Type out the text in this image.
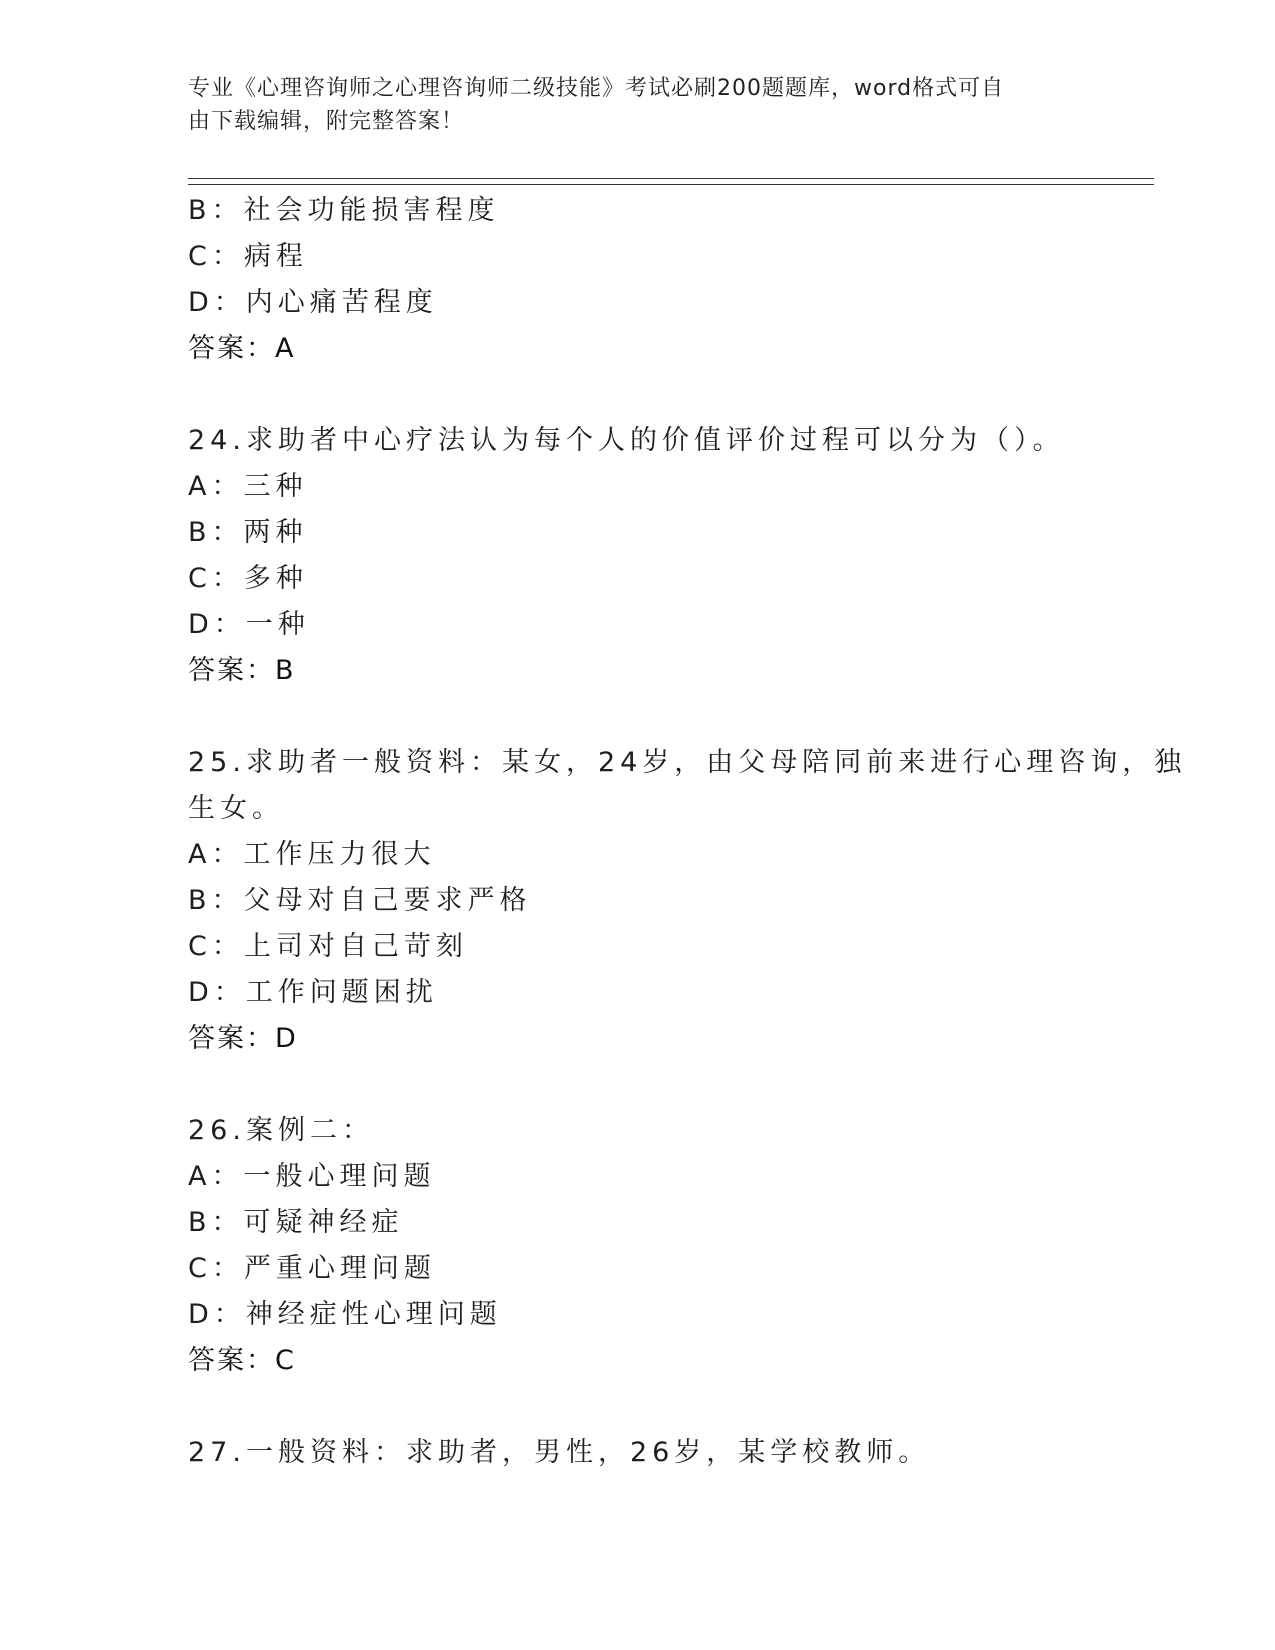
专业《心理咨询师之心理咨询师二级技能》考试必刷200题题库，word格式可自
由下载编辑，附完整答案！
B：社会功能损害程度
C：病程
D：内心痛苦程度
答案：A
24.求助者中心疗法认为每个人的价值评价过程可以分为（）。
A：三种
B：两种
C：多种
D：一种
答案：B
25.求助者一般资料：某女，24岁，由父母陪同前来进行心理咨询，独
生女。
A：工作压力很大
B：父母对自己要求严格
C：上司对自己苛刻
D：工作问题困扰
答案：D
26.案例二：
A：一般心理问题
B：可疑神经症
C：严重心理问题
D：神经症性心理问题
答案：C
27.一般资料：求助者，男性，26岁，某学校教师。
